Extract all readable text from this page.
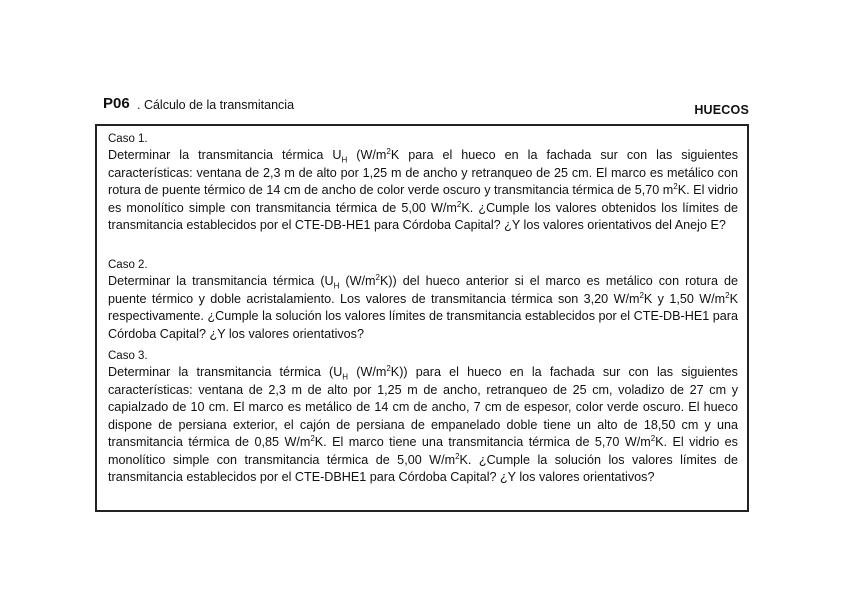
P06 . Cálculo de la transmitancia	HUECOS
Caso 1.

Determinar la transmitancia térmica $U_H$ ($W/m^2K$ para el hueco en la fachada sur con las siguientes características: ventana de 2,3 m de alto por 1,25 m de ancho y retranqueo de 25 cm. El marco es metálico con rotura de puente térmico de 14 cm de ancho de color verde oscuro y transmitancia térmica de 5,70 $m^2K$. El vidrio es monolítico simple con transmitancia térmica de 5,00 $W/m^2K$. ¿Cumple los valores obtenidos los límites de transmitancia establecidos por el CTE-DB-HE1 para Córdoba Capital? ¿Y los valores orientativos del Anejo E?

Caso 2.

Determinar la transmitancia térmica ($U_H$ $(W/m^2K)$) del hueco anterior si el marco es metálico con rotura de puente térmico y doble acristalamiento. Los valores de transmitancia térmica son 3,20 $W/m^2K$ y 1,50 $W/m^2K$ respectivamente. ¿Cumple la solución los valores límites de transmitancia establecidos por el CTE-DB-HE1 para Córdoba Capital? ¿Y los valores orientativos?

Caso 3.

Determinar la transmitancia térmica ($U_H$ $(W/m^2K)$) para el hueco en la fachada sur con las siguientes características: ventana de 2,3 m de alto por 1,25 m de ancho, retranqueo de 25 cm, voladizo de 27 cm y capialzado de 10 cm. El marco es metálico de 14 cm de ancho, 7 cm de espesor, color verde oscuro. El hueco dispone de persiana exterior, el cajón de persiana de empanelado doble tiene un alto de 18,50 cm y una transmitancia térmica de 0,85 $W/m^2K$. El marco tiene una transmitancia térmica de 5,70 $W/m^2K$. El vidrio es monolítico simple con transmitancia térmica de 5,00 $W/m^2K$. ¿Cumple la solución los valores límites de transmitancia establecidos por el CTE-DBHE1 para Córdoba Capital? ¿Y los valores orientativos?
